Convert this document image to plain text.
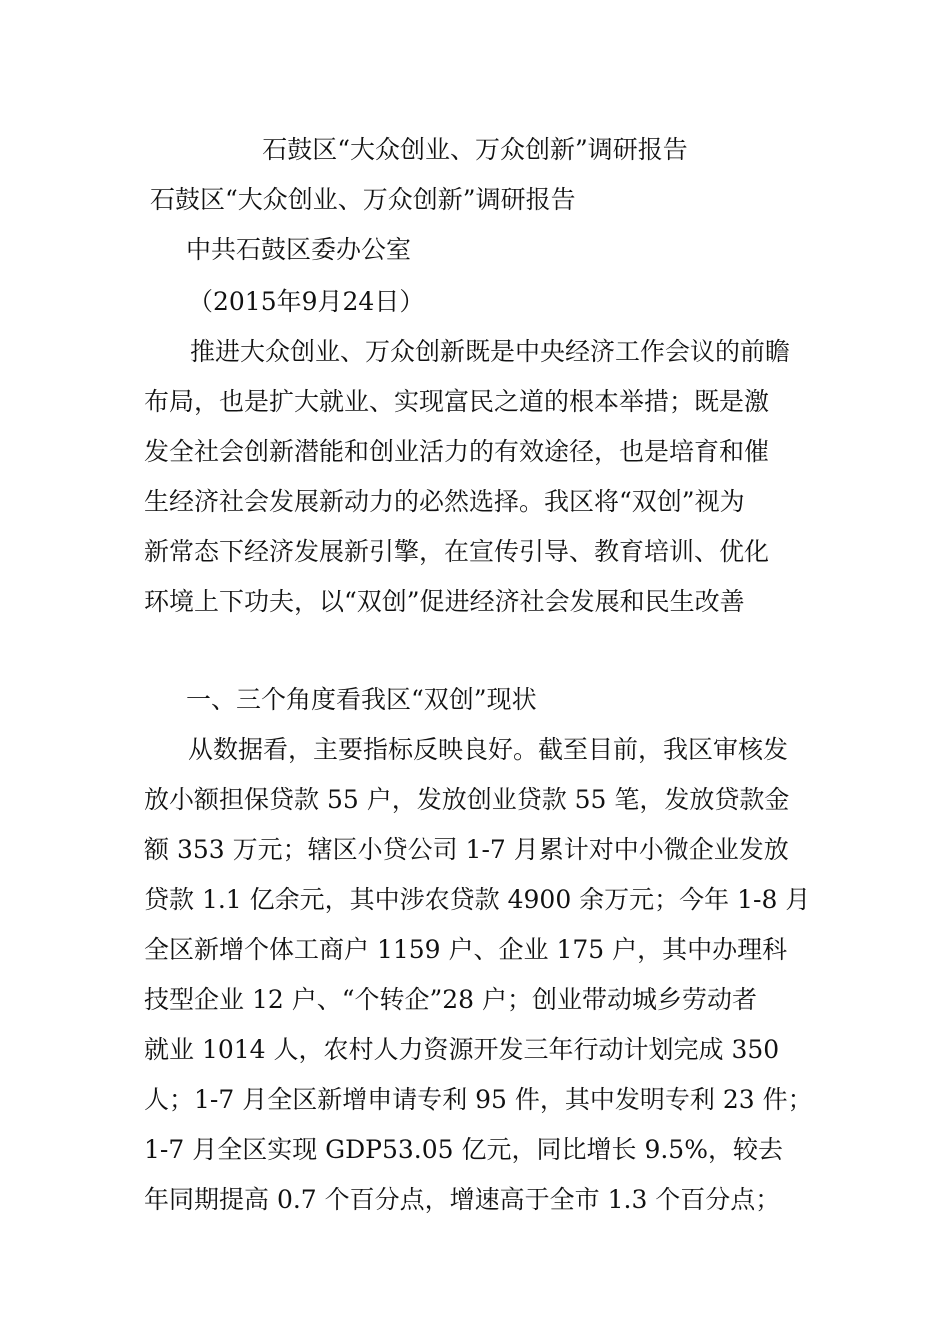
石鼓区“大众创业、万众创新”调研报告
石鼓区“大众创业、万众创新”调研报告
中共石鼓区委办公室
（2015年9月24日）
推进大众创业、万众创新既是中央经济工作会议的前瞻
布局，也是扩大就业、实现富民之道的根本举措；既是激
发全社会创新潜能和创业活力的有效途径，也是培育和催
生经济社会发展新动力的必然选择。我区将“双创”视为
新常态下经济发展新引擎，在宣传引导、教育培训、优化
环境上下功夫，以“双创”促进经济社会发展和民生改善
一、三个角度看我区“双创”现状
从数据看，主要指标反映良好。截至目前，我区审核发
放小额担保贷款 55 户，发放创业贷款 55 笔，发放贷款金
额 353 万元；辖区小贷公司 1-7 月累计对中小微企业发放
贷款 1.1 亿余元，其中涉农贷款 4900 余万元；今年 1-8 月
全区新增个体工商户 1159 户、企业 175 户，其中办理科
技型企业 12 户、“个转企”28 户；创业带动城乡劳动者
就业 1014 人，农村人力资源开发三年行动计划完成 350
人；1-7 月全区新增申请专利 95 件，其中发明专利 23 件；
1-7 月全区实现 GDP53.05 亿元，同比增长 9.5%，较去
年同期提高 0.7 个百分点，增速高于全市 1.3 个百分点；
